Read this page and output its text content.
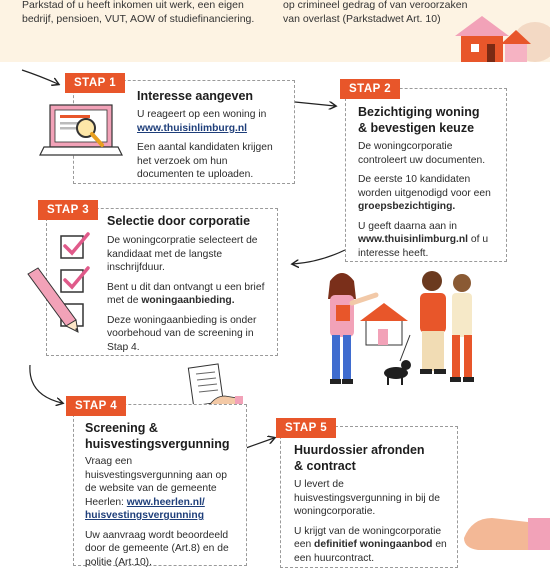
Parkstad of u heeft inkomen uit werk, een eigen
bedrijf, pensioen, VUT, AOW of studiefinanciering.
op crimineel gedrag of van veroorzaken
van overlast (Parkstadwet Art. 10)
STAP 1
Interesse aangeven

U reageert op een woning in www.thuisinlimburg.nl

Een aantal kandidaten krijgen het verzoek om hun documenten te uploaden.

STAP 2
Bezichtiging woning
& bevestigen keuze

De woningcorporatie controleert uw documenten.

De eerste 10 kandidaten worden uitgenodigd voor een groepsbezichtiging.

U geeft daarna aan in www.thuisinlimburg.nl of u interesse heeft.

STAP 3
Selectie door corporatie

De woningcorpratie selecteert de kandidaat met de langste inschrijfduur.

Bent u dit dan ontvangt u een brief met de woningaanbieding.

Deze woningaanbieding is onder voorbehoud van de screening in Stap 4.

STAP 4
Screening &
huisvestingsvergunning

Vraag een huisvestingsvergunning aan op de website van de gemeente Heerlen: www.heerlen.nl/ huisvestingsvergunning

Uw aanvraag wordt beoordeeld door de gemeente (Art.8) en de politie (Art.10).

STAP 5
Huurdossier afronden
& contract

U levert de huisvestingsvergunning in bij de woningcorporatie.

U krijgt van de woningcorporatie een definitief woningaanbod en een huurcontract.
